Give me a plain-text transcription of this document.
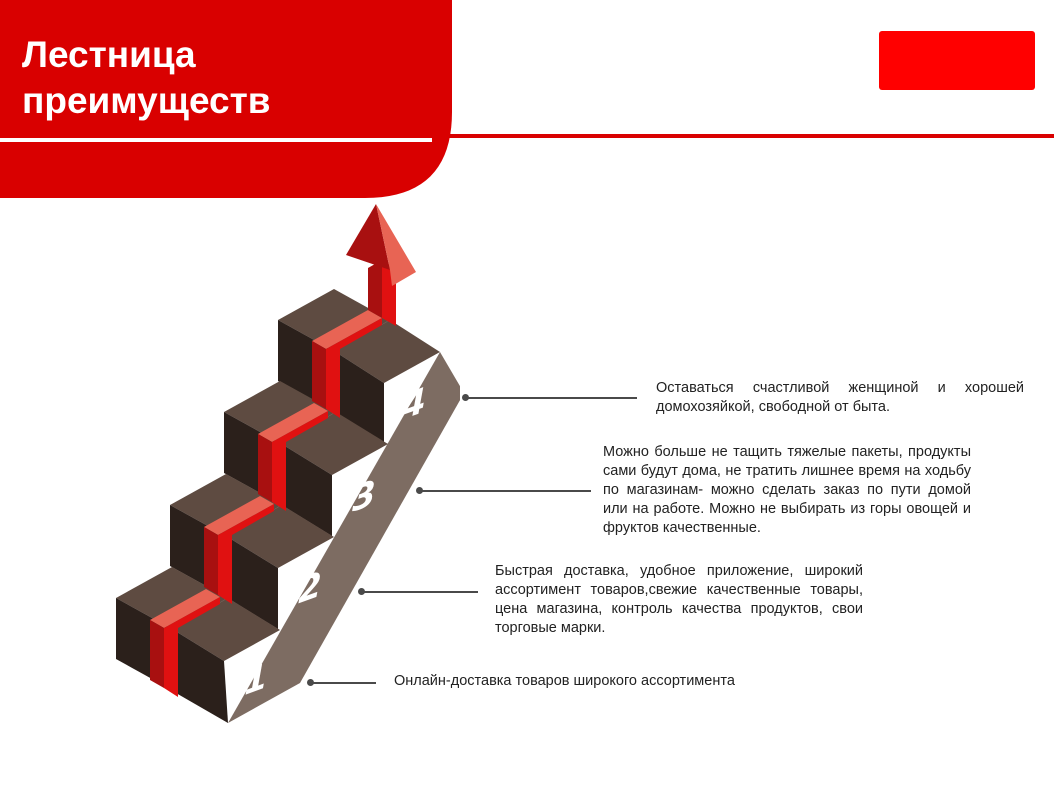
Лестница
преимуществ
1
2
3
4	Оставаться счастливой женщиной и хорошей домохозяйкой, свободной от быта.

Можно больше не тащить тяжелые пакеты, продукты сами будут дома, не тратить лишнее время на ходьбу по магазинам- можно сделать заказ по пути домой или на работе. Можно не выбирать из горы овощей и фруктов качественные.

Быстрая доставка, удобное приложение, широкий ассортимент товаров,свежие качественные товары, цена магазина, контроль качества продуктов, свои торговые марки.

Онлайн-доставка товаров широкого ассортимента
